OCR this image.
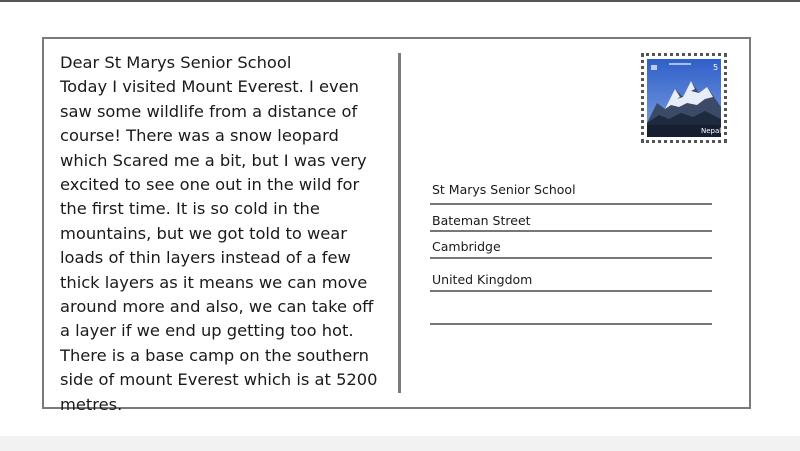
Dear St Marys Senior School
Today I visited Mount Everest. I even
saw some wildlife from a distance of
course! There was a snow leopard
which Scared me a bit, but I was very
excited to see one out in the wild for
the first time. It is so cold in the
mountains, but we got told to wear
loads of thin layers instead of a few
thick layers as it means we can move
around more and also, we can take off
a layer if we end up getting too hot.
There is a base camp on the southern
side of mount Everest which is at 5200
metres.
Nepal
5
St Marys Senior School
Bateman Street
Cambridge
United Kingdom
